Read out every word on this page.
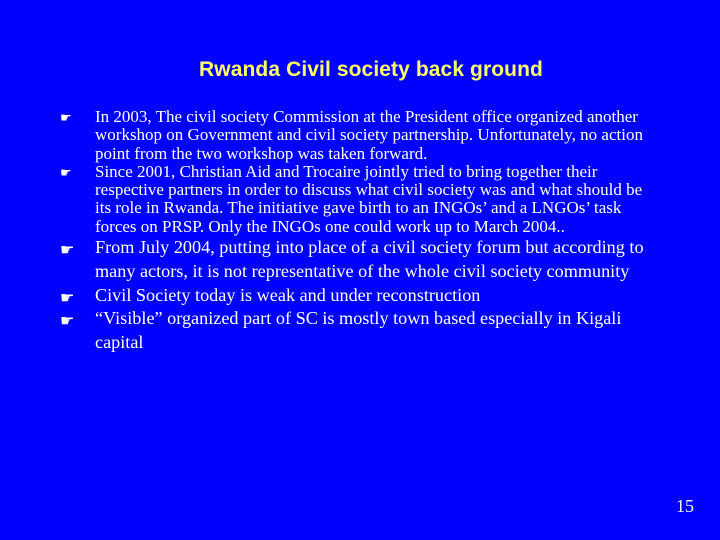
Rwanda Civil society back ground
☛ In 2003, The civil society Commission at the President office organized another workshop on Government and civil society partnership. Unfortunately, no action point from the two workshop was taken forward.
☛ Since 2001, Christian Aid and Trocaire jointly tried to bring together their respective partners in order to discuss what civil society was and what should be its role in Rwanda. The initiative gave birth to an INGOs’ and a LNGOs’ task forces on PRSP. Only the INGOs one could work up to March 2004..
☛ From July 2004, putting into place of a civil society forum but according to many actors, it is not representative of the whole civil society community
☛ Civil Society today is weak and under reconstruction
☛ “Visible” organized part of SC is mostly town based especially in Kigali capital
15
